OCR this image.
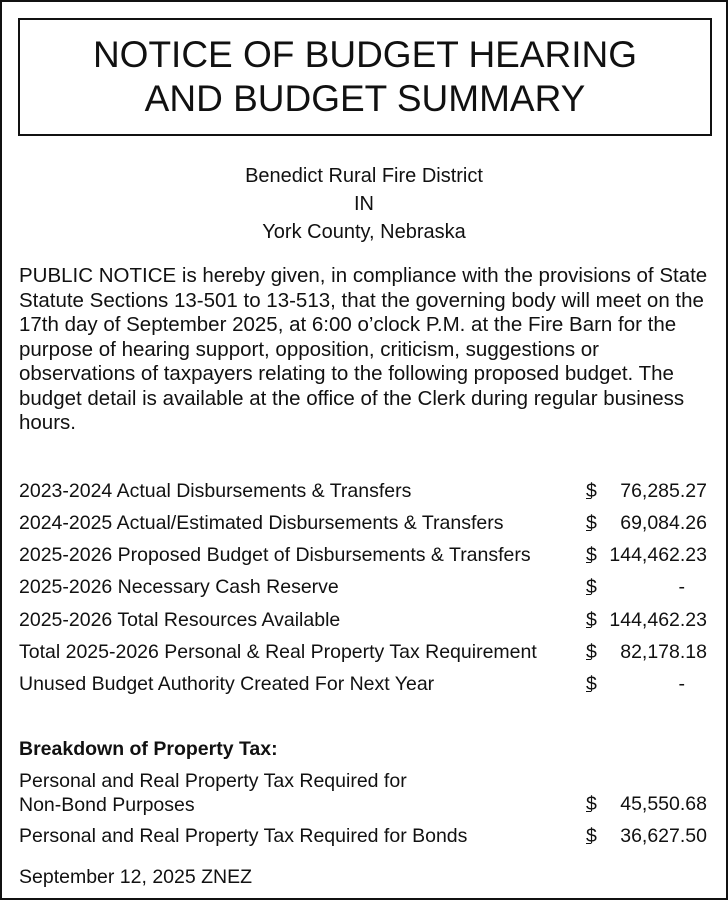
NOTICE OF BUDGET HEARING
AND BUDGET SUMMARY
Benedict Rural Fire District
IN
York County, Nebraska
PUBLIC NOTICE is hereby given, in compliance with the provisions of State Statute Sections 13-501 to 13-513, that the governing body will meet on the 17th day of September 2025, at 6:00 o’clock P.M. at the Fire Barn for the purpose of hearing support, opposition, criticism, suggestions or observations of taxpayers relating to the following proposed budget. The budget detail is available at the office of the Clerk during regular business hours.
2023-2024 Actual Disbursements & Transfers	$ 76,285.27

2024-2025 Actual/Estimated Disbursements & Transfers	$ 69,084.26

2025-2026 Proposed Budget of Disbursements & Transfers	$ 144,462.23

2025-2026 Necessary Cash Reserve	$	-

2025-2026 Total Resources Available	$ 144,462.23

Total 2025-2026 Personal & Real Property Tax Requirement	$ 82,178.18

Unused Budget Authority Created For Next Year	$	-

Breakdown of Property Tax:
Personal and Real Property Tax Required for
Non-Bond Purposes	$ 45,550.68

Personal and Real Property Tax Required for Bonds	$ 36,627.50

September 12, 2025 ZNEZ
